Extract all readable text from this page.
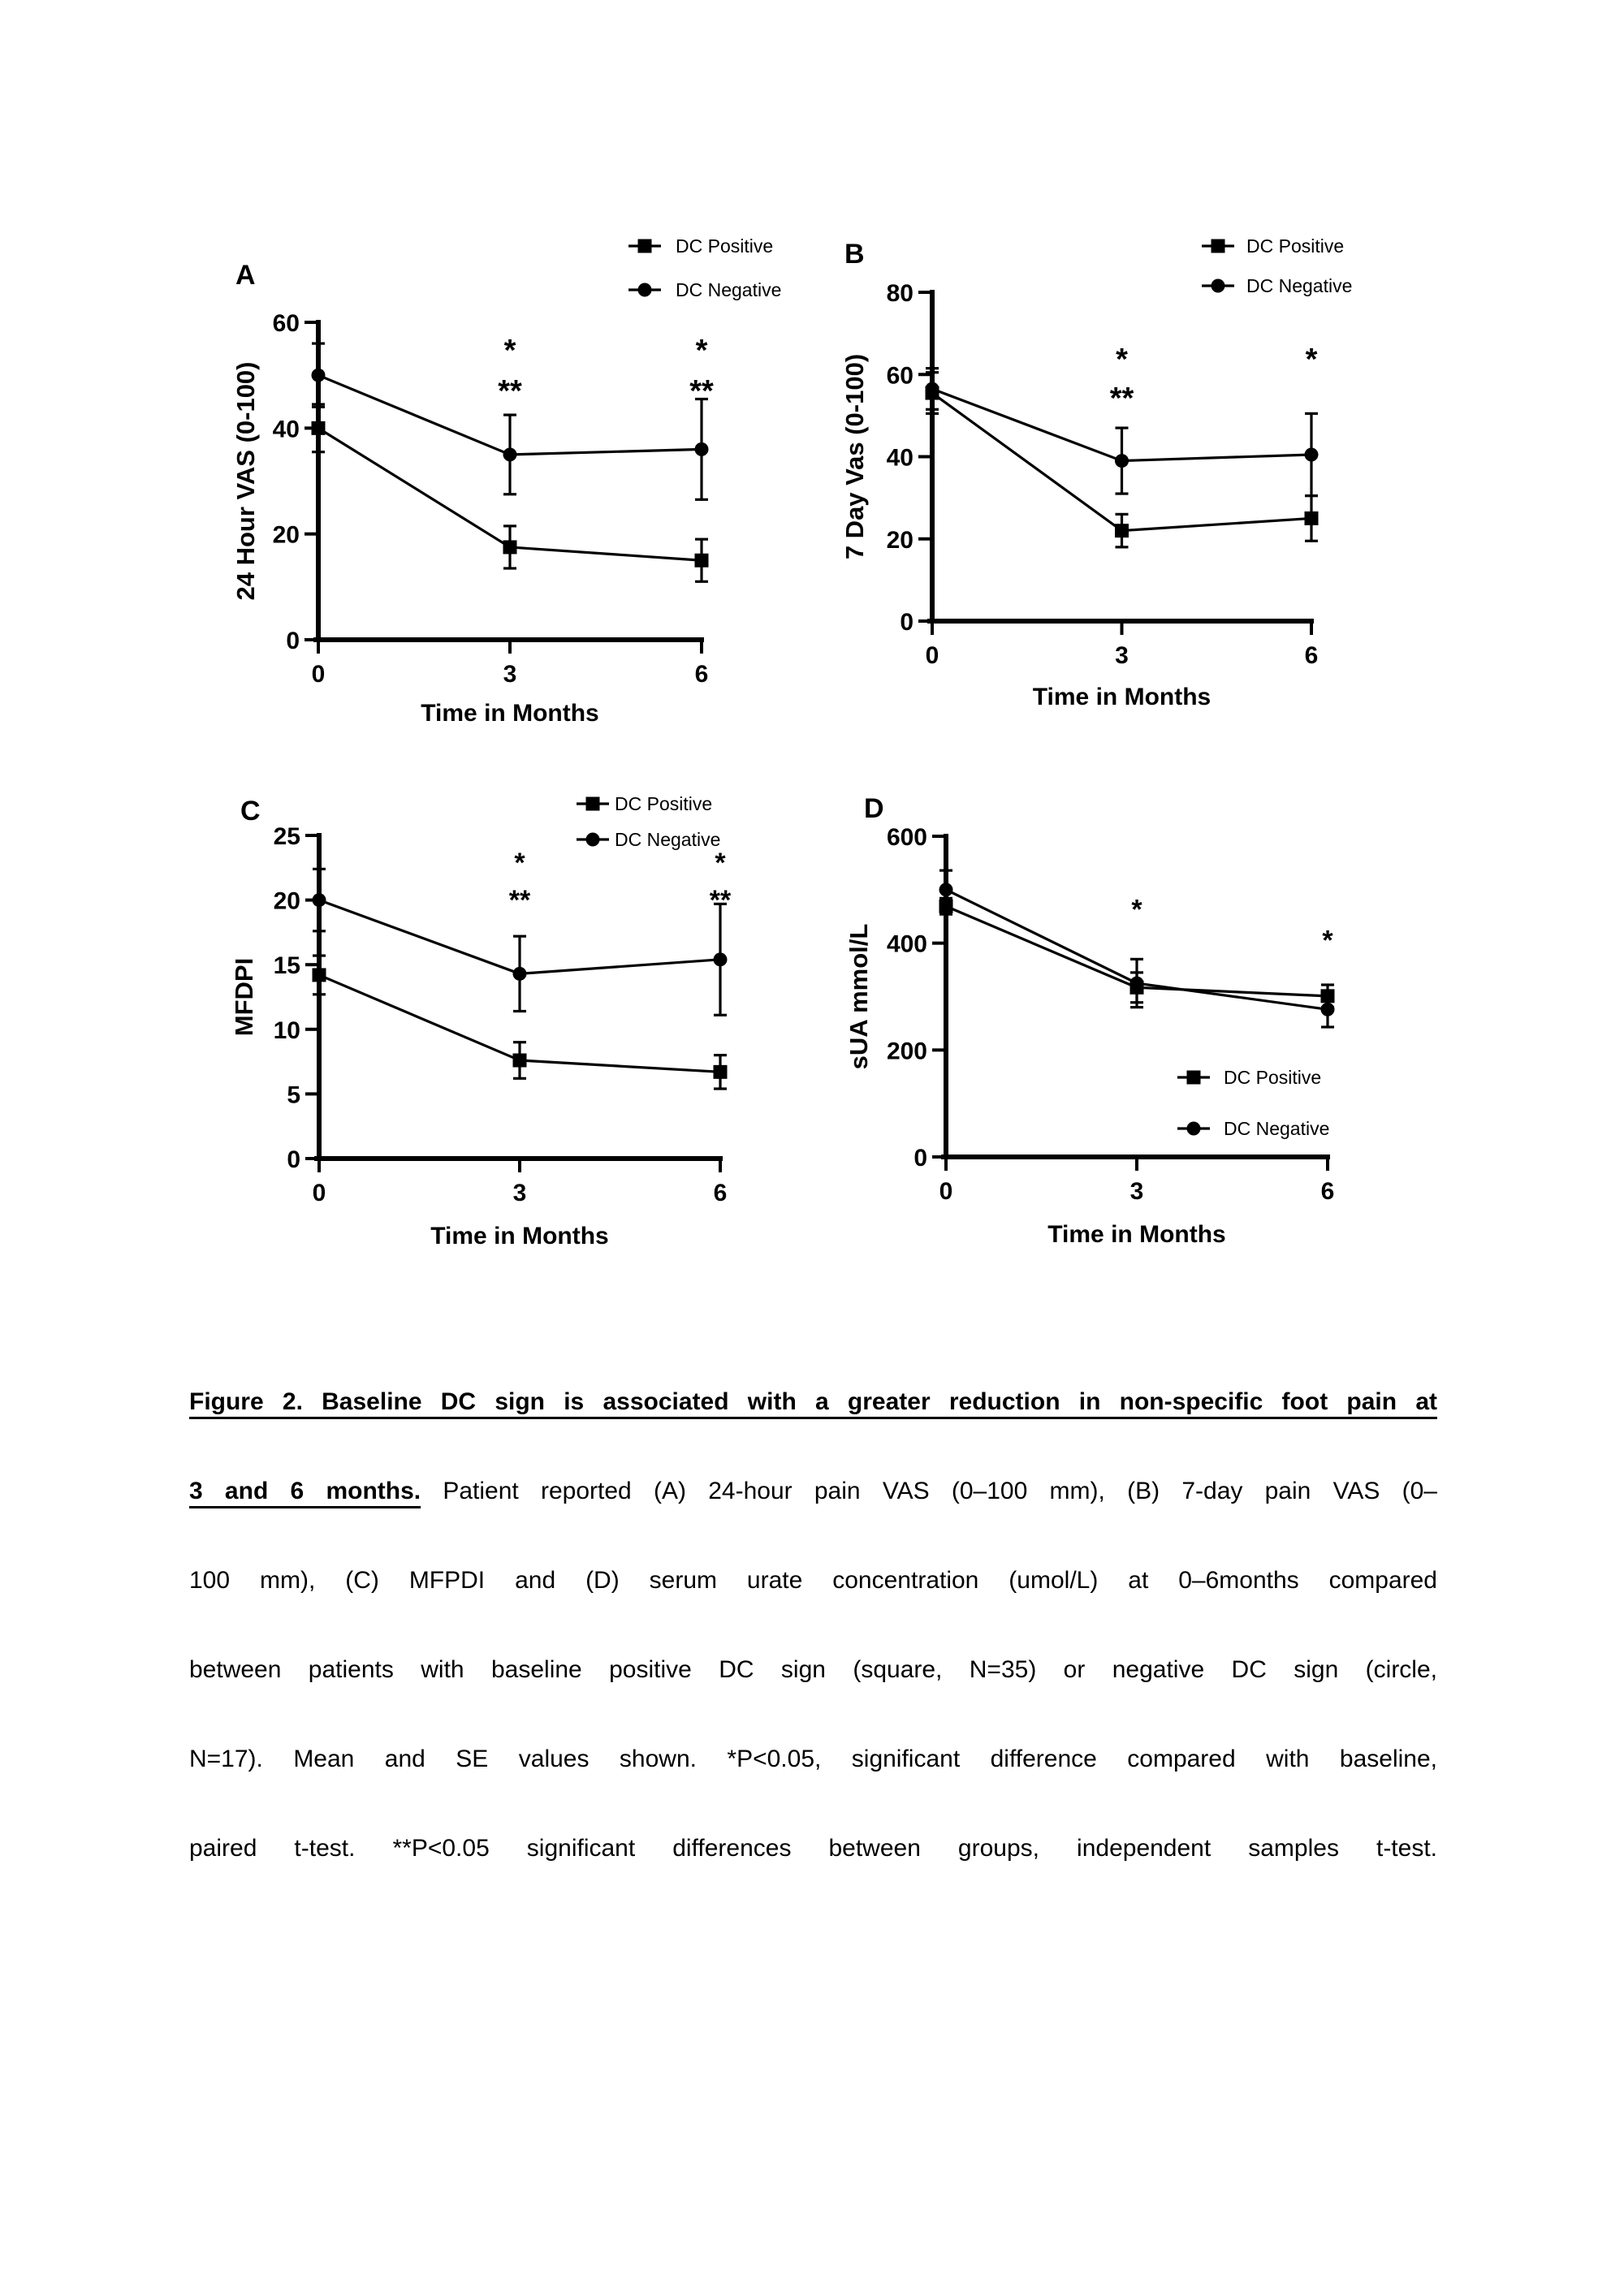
0
20
40
60
0	3	6
Time in Months
24 Hour VAS (0-100)
A
*
**
*
**
DC Positive
DC Negative
0
20
40
60
80
0	3	6
Time in Months
7 Day Vas (0-100)
B
*
**
*
DC Positive
DC Negative
0
5
10
15
20
25
0	3	6
Time in Months
MFDPI
C
*
**
*
**
DC Positive
DC Negative
0
200
400
600
0	3	6
Time in Months
sUA mmol/L
D
*
*
DC Positive
DC Negative
Figure 2. Baseline DC sign is associated with a greater reduction in non-specific foot pain at
3 and 6 months. Patient reported (A) 24-hour pain VAS (0–100 mm), (B) 7-day pain VAS (0–
100 mm), (C) MFPDI and (D) serum urate concentration (umol/L) at 0–6months compared
between patients with baseline positive DC sign (square, N=35) or negative DC sign (circle,
N=17). Mean and SE values shown. *P<0.05, significant difference compared with baseline,
paired t-test. **P<0.05 significant differences between groups, independent samples t-test.
